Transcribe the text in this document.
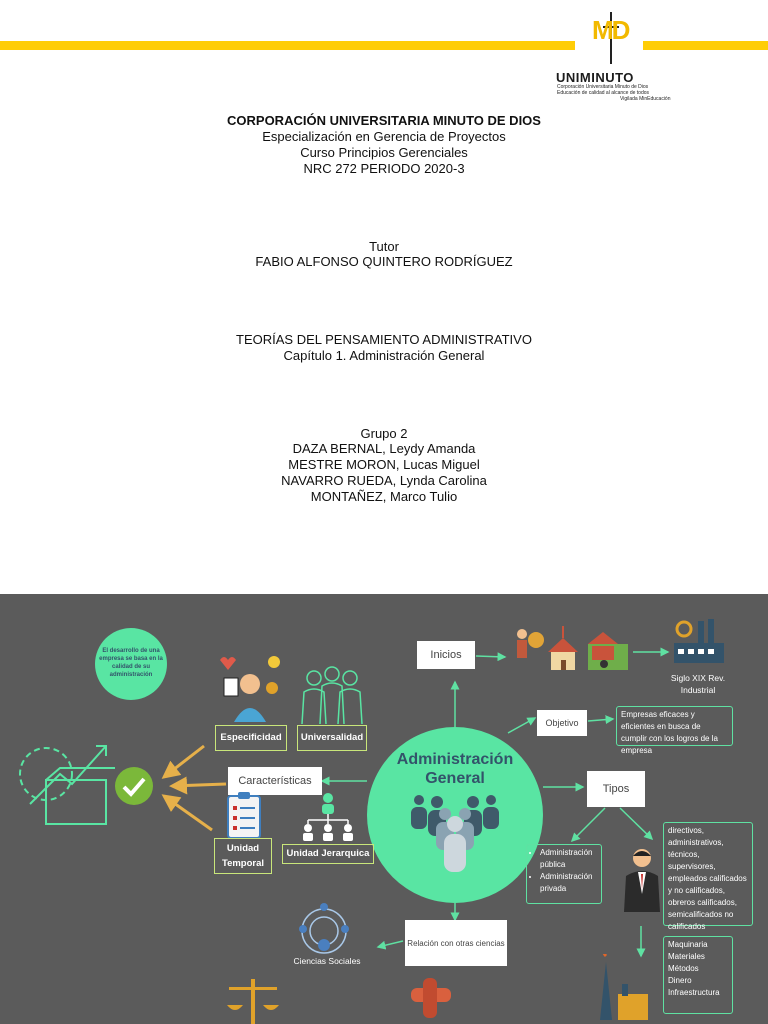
MD
UNIMINUTO
Corporación Universitaria Minuto de Dios
Educación de calidad al alcance de todos
Vigilada MinEducación
CORPORACIÓN UNIVERSITARIA MINUTO DE DIOS
Especialización en Gerencia de Proyectos
Curso Principios Gerenciales
NRC 272 PERIODO 2020-3
Tutor
FABIO ALFONSO QUINTERO RODRÍGUEZ
TEORÍAS DEL PENSAMIENTO ADMINISTRATIVO
Capítulo 1. Administración General
Grupo 2
DAZA BERNAL, Leydy Amanda
MESTRE MORON, Lucas Miguel
NAVARRO RUEDA, Lynda Carolina
MONTAÑEZ, Marco Tulio
El desarrollo de una empresa se basa en la calidad de su administración
Administración General
Inicios
Siglo XIX Rev. Industrial
Objetivo
Empresas eficaces y eficientes en busca de cumplir con los logros de la empresa
Tipos
• Administración pública
• Administración privada
directivos, administrativos, técnicos, supervisores, empleados calificados y no calificados, obreros calificados, semicalificados no calificados
Maquinaria
Materiales
Métodos
Dinero
Infraestructura
Características
Especificidad	Universalidad
Unidad Temporal
Unidad Jerarquica
Relación con otras ciencias
Ciencias Sociales
